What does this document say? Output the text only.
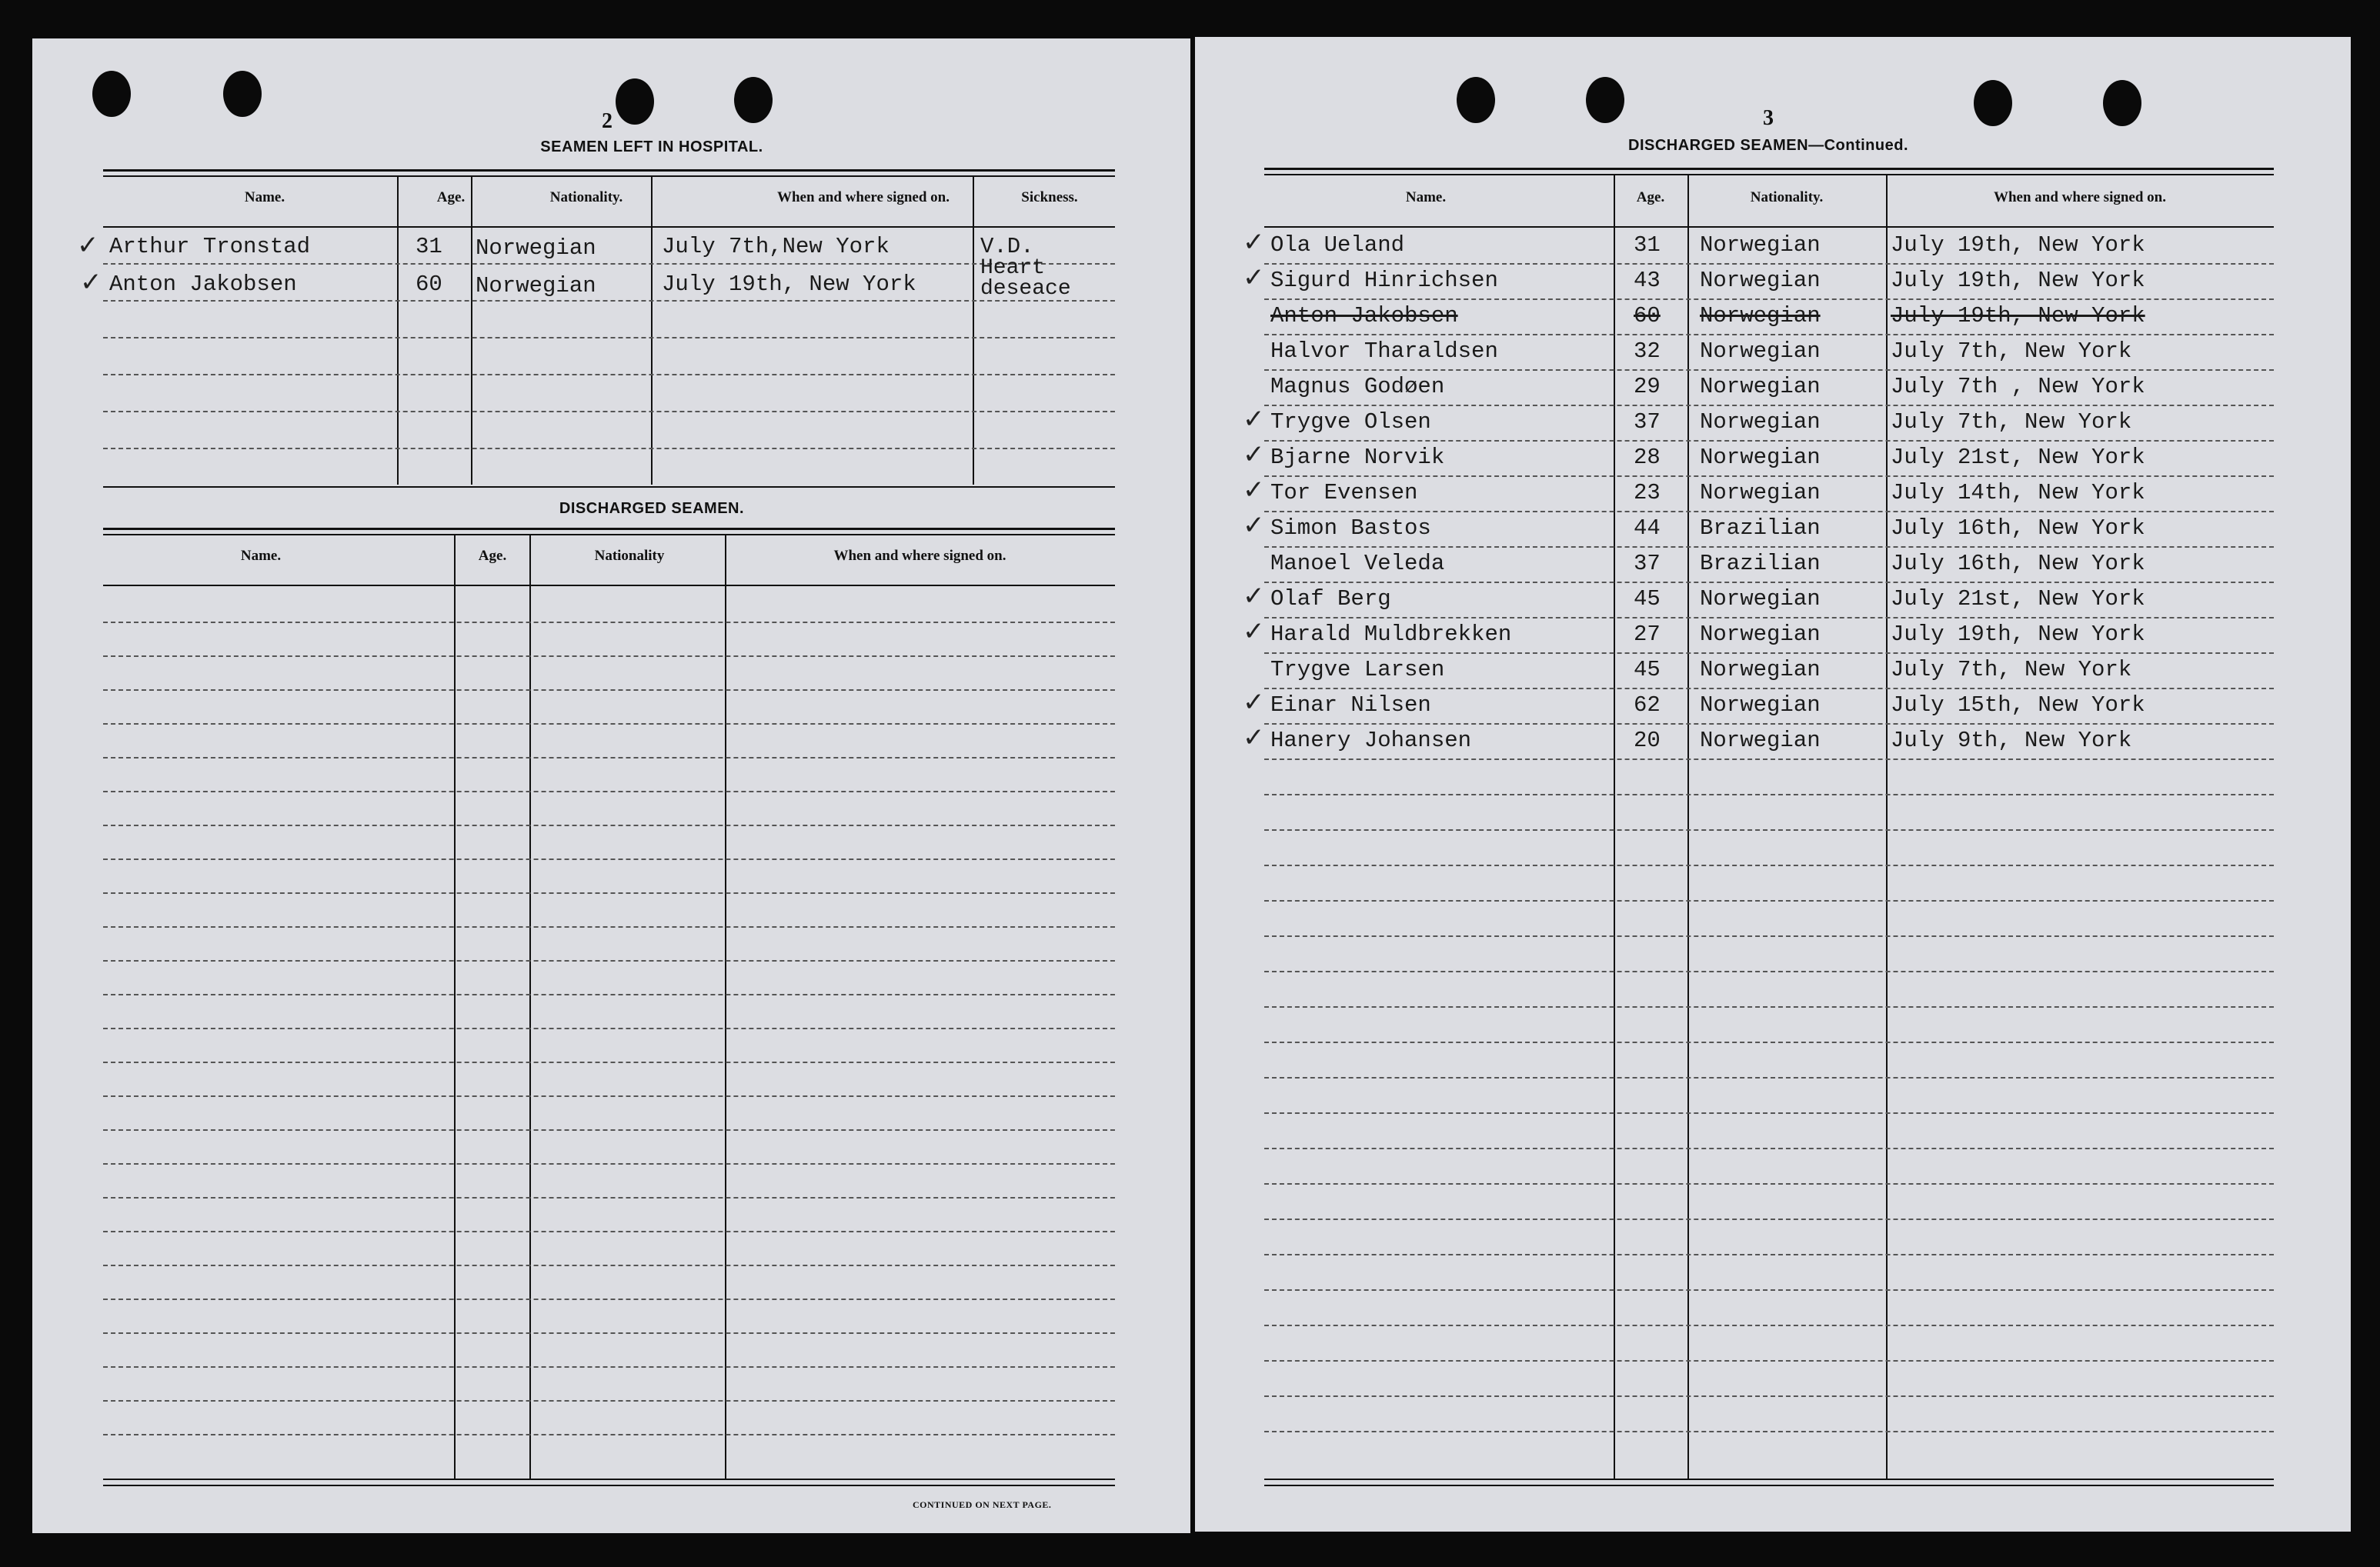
2
SEAMEN LEFT IN HOSPITAL.
Name.	Age.	Nationality.	When and where signed on.	Sickness.
✓
✓
Arthur Tronstad	31 Norwegian	July 7th,New York	V.D.
Anton Jakobsen	60 Norwegian	July 19th, New York
Heart deseace
DISCHARGED SEAMEN.
Name.	Age.	Nationality	When and where signed on.
CONTINUED ON NEXT PAGE.
3
DISCHARGED SEAMEN—Continued.
Name.	Age.	Nationality.	When and where signed on.
Ola Ueland	31 Norwegian	July 19th, New York
✓
Sigurd Hinrichsen	43 Norwegian	July 19th, New York
✓
Anton Jakobsen	60 Norwegian	July 19th, New York
Halvor Tharaldsen	32 Norwegian	July 7th, New York
Magnus Godøen	29 Norwegian	July 7th , New York
Trygve Olsen	37 Norwegian	July 7th, New York
✓
Bjarne Norvik	28 Norwegian	July 21st, New York
✓
Tor Evensen	23 Norwegian	July 14th, New York
✓
Simon Bastos	44 Brazilian	July 16th, New York
✓
Manoel Veleda	37 Brazilian	July 16th, New York
Olaf Berg	45 Norwegian	July 21st, New York
✓
Harald Muldbrekken	27 Norwegian	July 19th, New York
✓
Trygve Larsen	45 Norwegian	July 7th, New York
Einar Nilsen	62 Norwegian	July 15th, New York
✓
Hanery Johansen	20 Norwegian	July 9th, New York
✓
